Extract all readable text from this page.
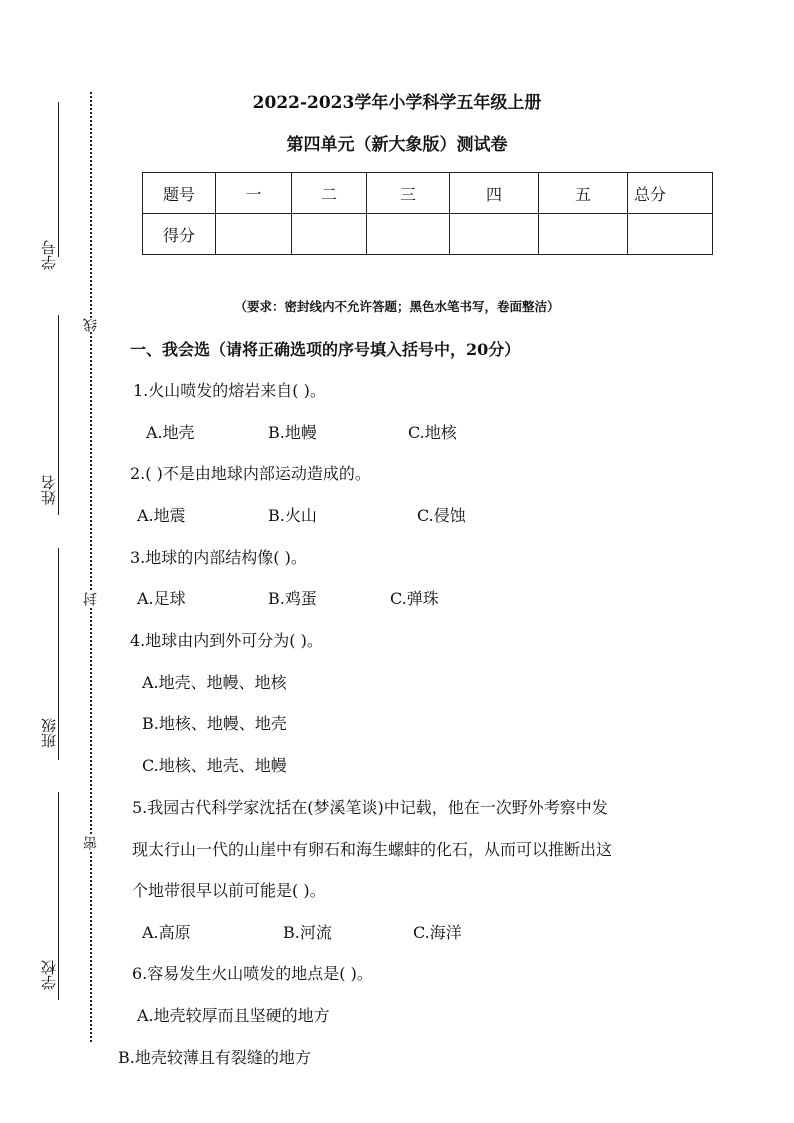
学号
姓名
班级
学校
线
封
密
2022-2023学年小学科学五年级上册
第四单元（新大象版）测试卷
题号	一	二	三	四	五	总分
得分						
（要求：密封线内不允许答题；黑色水笔书写，卷面整洁）
一、我会选（请将正确选项的序号填入括号中，20分）
1.火山喷发的熔岩来自( )。
A.地壳	B.地幔	C.地核
2.( )不是由地球内部运动造成的。
A.地震	B.火山	C.侵蚀
3.地球的内部结构像( )。
A.足球	B.鸡蛋	C.弹珠
4.地球由内到外可分为( )。
A.地壳、地幔、地核
B.地核、地幔、地壳
C.地核、地壳、地幔
5.我园古代科学家沈括在(梦溪笔谈)中记载，他在一次野外考察中发
现太行山一代的山崖中有卵石和海生螺蚌的化石，从而可以推断出这
个地带很早以前可能是( )。
A.高原	B.河流	C.海洋
6.容易发生火山喷发的地点是( )。
A.地壳较厚而且坚硬的地方
B.地壳较薄且有裂缝的地方
